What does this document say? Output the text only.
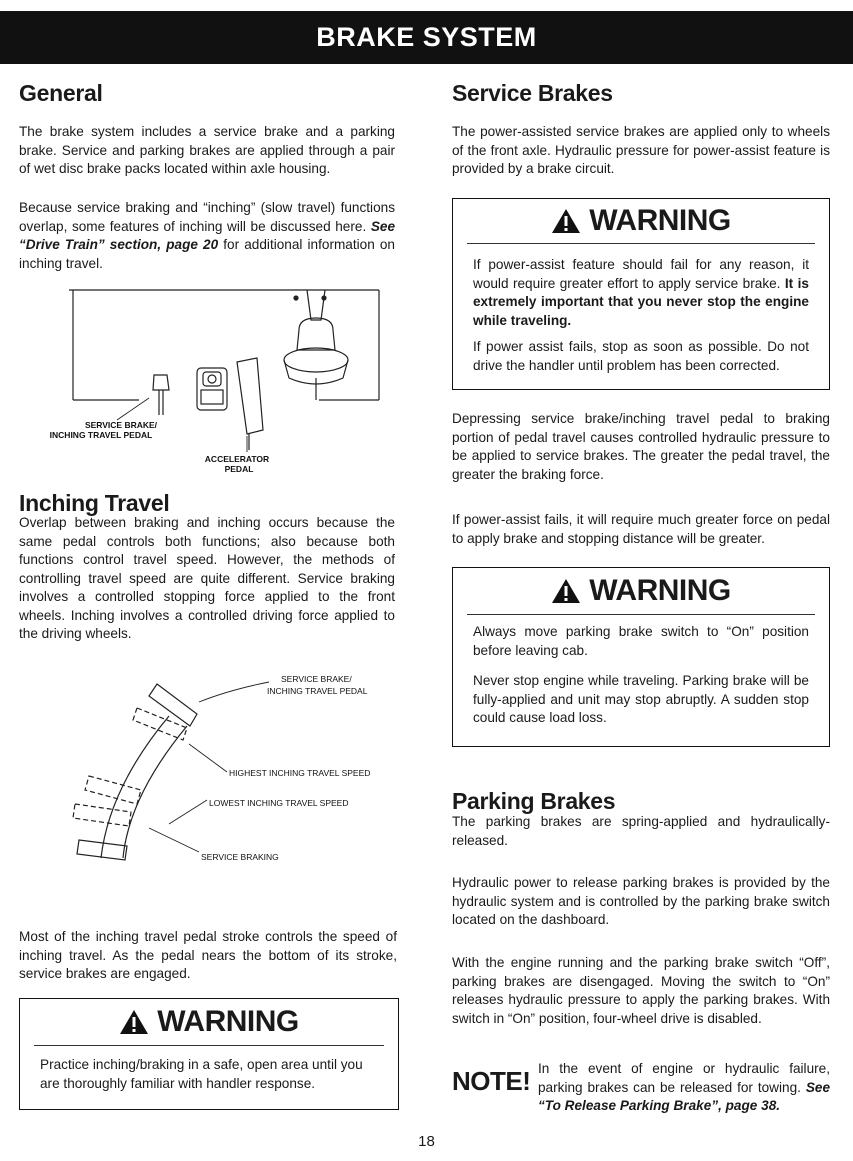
BRAKE SYSTEM
General

The brake system includes a service brake and a parking brake. Service and parking brakes are applied through a pair of wet disc brake packs located within axle housing.

Because service braking and “inching” (slow travel) functions overlap, some features of inching will be discussed here. See “Drive Train” section, page 20 for additional information on inching travel.

SERVICE BRAKE/
INCHING TRAVEL PEDAL
ACCELERATOR
PEDAL
Inching Travel

Overlap between braking and inching occurs because the same pedal controls both functions; also because both functions control travel speed. However, the methods of controlling travel speed are quite different. Service braking involves a controlled stopping force applied to the front wheels. Inching involves a controlled driving force applied to the driving wheels.

SERVICE BRAKE/
INCHING TRAVEL PEDAL
HIGHEST INCHING TRAVEL SPEED
LOWEST INCHING TRAVEL SPEED
SERVICE BRAKING

Most of the inching travel pedal stroke controls the speed of inching travel. As the pedal nears the bottom of its stroke, service brakes are engaged.

WARNING

Practice inching/braking in a safe, open area until you are thoroughly familiar with handler response.

Service Brakes

The power-assisted service brakes are applied only to wheels of the front axle. Hydraulic pressure for power-assist feature is provided by a brake circuit.

WARNING

If power-assist feature should fail for any reason, it would require greater effort to apply service brake. It is extremely important that you never stop the engine while traveling.

If power assist fails, stop as soon as possible. Do not drive the handler until problem has been corrected.

Depressing service brake/inching travel pedal to braking portion of pedal travel causes controlled hydraulic pressure to be applied to service brakes. The greater the pedal travel, the greater the braking force.

If power-assist fails, it will require much greater force on pedal to apply brake and stopping distance will be greater.

WARNING

Always move parking brake switch to “On” position before leaving cab.

Never stop engine while traveling. Parking brake will be fully-applied and unit may stop abruptly. A sudden stop could cause load loss.

Parking Brakes

The parking brakes are spring-applied and hydraulically-released.

Hydraulic power to release parking brakes is provided by the hydraulic system and is controlled by the parking brake switch located on the dashboard.

With the engine running and the parking brake switch “Off”, parking brakes are disengaged. Moving the switch to “On” releases hydraulic pressure to apply the parking brakes. With switch in “On” position, four-wheel drive is disabled.

NOTE! In the event of engine or hydraulic failure, parking brakes can be released for towing. See “To Release Parking Brake”, page 38.

18
